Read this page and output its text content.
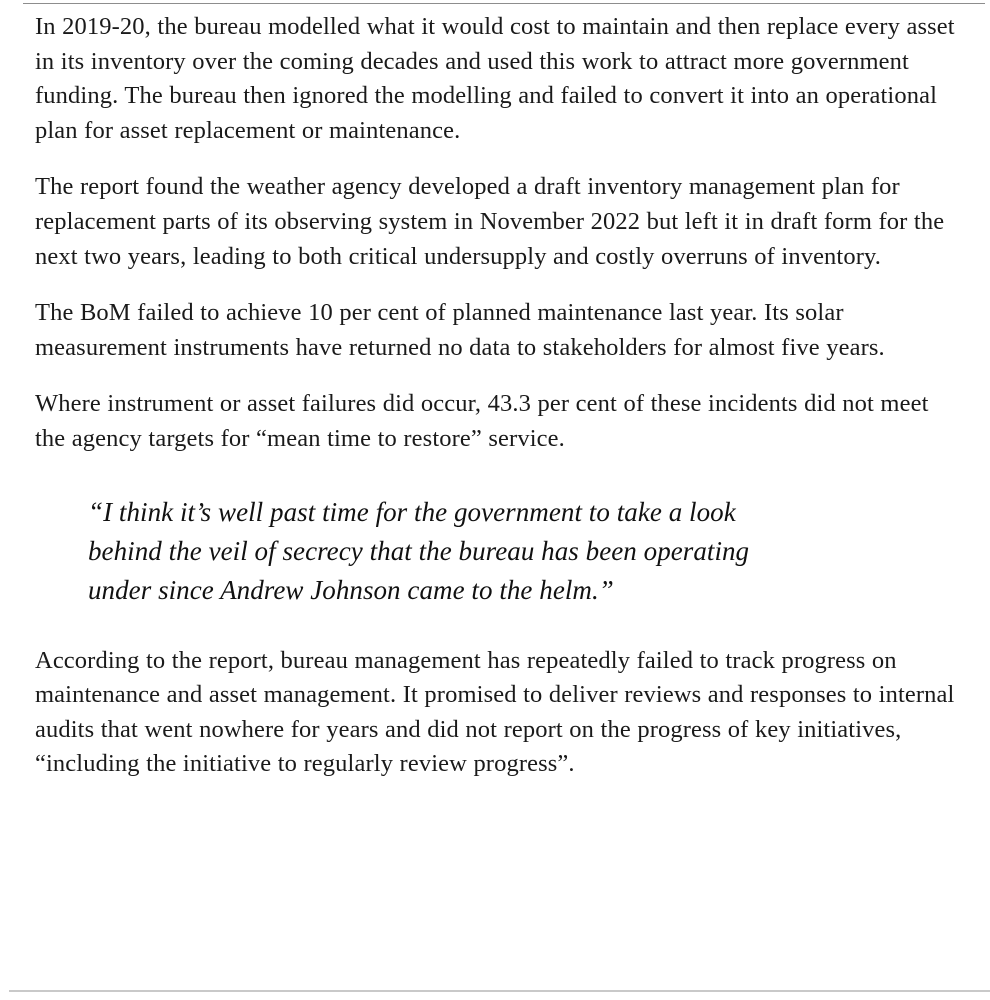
In 2019-20, the bureau modelled what it would cost to maintain and then replace every asset in its inventory over the coming decades and used this work to attract more government funding. The bureau then ignored the modelling and failed to convert it into an operational plan for asset replacement or maintenance.

The report found the weather agency developed a draft inventory management plan for replacement parts of its observing system in November 2022 but left it in draft form for the next two years, leading to both critical undersupply and costly overruns of inventory.

The BoM failed to achieve 10 per cent of planned maintenance last year. Its solar measurement instruments have returned no data to stakeholders for almost five years.

Where instrument or asset failures did occur, 43.3 per cent of these incidents did not meet the agency targets for “mean time to restore” service.

“I think it’s well past time for the government to take a look behind the veil of secrecy that the bureau has been operating under since Andrew Johnson came to the helm.”

According to the report, bureau management has repeatedly failed to track progress on maintenance and asset management. It promised to deliver reviews and responses to internal audits that went nowhere for years and did not report on the progress of key initiatives, “including the initiative to regularly review progress”.
